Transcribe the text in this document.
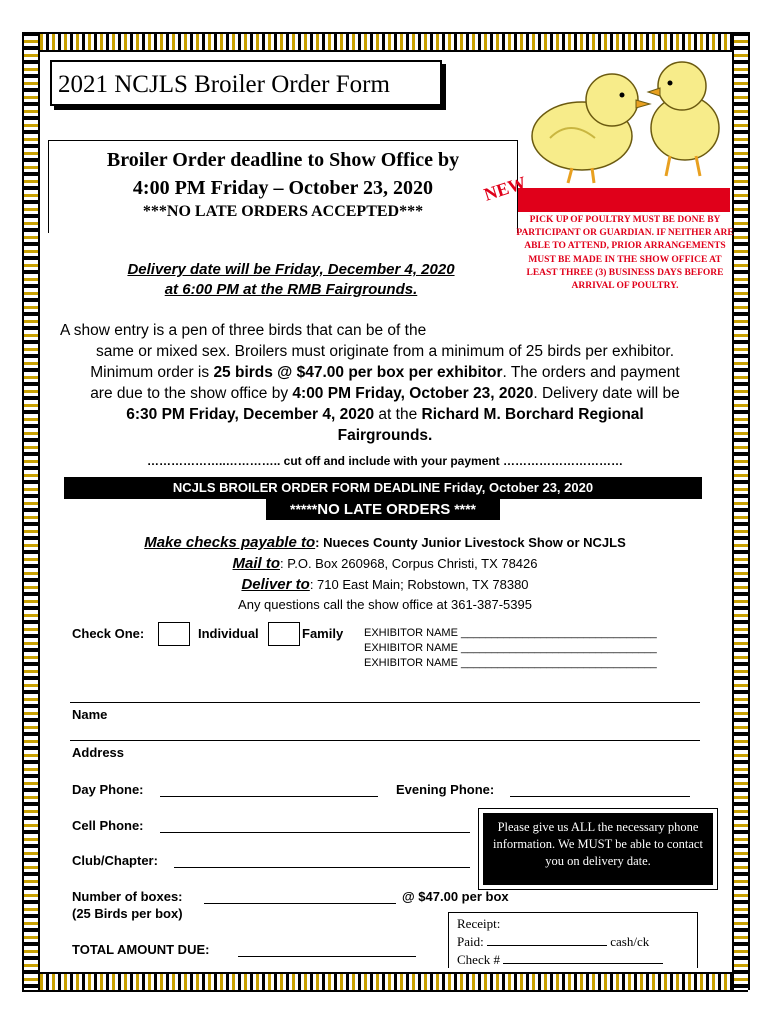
2021 NCJLS Broiler Order Form
Broiler Order deadline to Show Office by
4:00 PM Friday – October 23, 2020
***NO LATE ORDERS ACCEPTED***
NEW
PICK UP OF POULTRY MUST BE DONE BY PARTICIPANT OR GUARDIAN. IF NEITHER ARE ABLE TO ATTEND, PRIOR ARRANGEMENTS MUST BE MADE IN THE SHOW OFFICE AT LEAST THREE (3) BUSINESS DAYS BEFORE ARRIVAL OF POULTRY.
Delivery date will be Friday, December 4, 2020
at 6:00 PM at the RMB Fairgrounds.
A show entry is a pen of three birds that can be of the
same or mixed sex. Broilers must originate from a minimum of 25 birds per exhibitor.
Minimum order is 25 birds @ $47.00 per box per exhibitor. The orders and payment
are due to the show office by 4:00 PM Friday, October 23, 2020. Delivery date will be
6:30 PM Friday, December 4, 2020 at the Richard M. Borchard Regional
Fairgrounds.
………………..………….. cut off and include with your payment …………………………
NCJLS BROILER ORDER FORM DEADLINE Friday, October 23, 2020
*****NO LATE ORDERS ****
Make checks payable to: Nueces County Junior Livestock Show or NCJLS
Mail to: P.O. Box 260968, Corpus Christi, TX 78426
Deliver to: 710 East Main; Robstown, TX 78380
Any questions call the show office at 361-387-5395
Check One:	Individual	Family EXHIBITOR NAME ________________________________
EXHIBITOR NAME ________________________________
EXHIBITOR NAME ________________________________
Name
Address
Day Phone:	Evening Phone:
Cell Phone:
Club/Chapter:
Please give us ALL the necessary phone information. We MUST be able to contact you on delivery date.
Number of boxes:	@ $47.00 per box
(25 Birds per box)
TOTAL AMOUNT DUE:
Receipt:
Paid:	cash/ck
Check #
